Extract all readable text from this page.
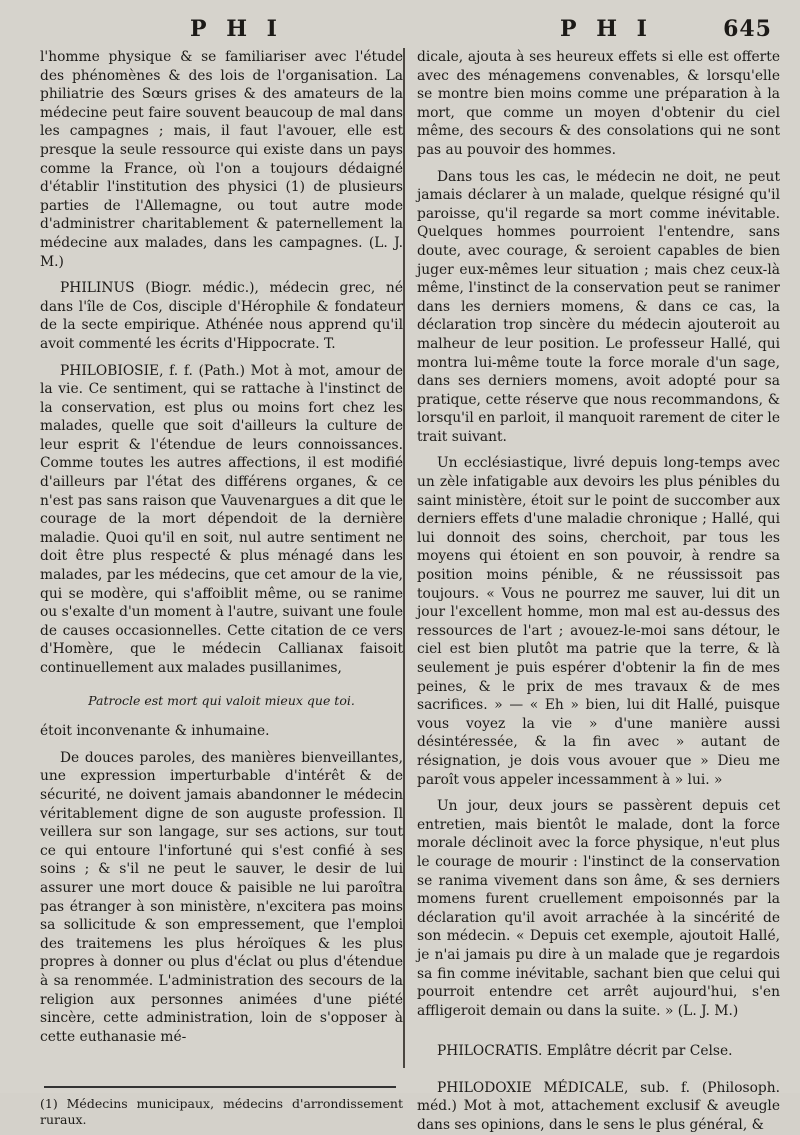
P H I	P H I	645

l'homme physique & se familiariser avec l'étude des phénomènes & des lois de l'organisation. La philiatrie des Sœurs grises & des amateurs de la médecine peut faire souvent beaucoup de mal dans les campagnes ; mais, il faut l'avouer, elle est presque la seule ressource qui existe dans un pays comme la France, où l'on a toujours dédaigné d'établir l'institution des physici (1) de plusieurs parties de l'Allemagne, ou tout autre mode d'administrer charitablement & paternellement la médecine aux malades, dans les campagnes. (L. J. M.)

PHILINUS (Biogr. médic.), médecin grec, né dans l'île de Cos, disciple d'Hérophile & fondateur de la secte empirique. Athénée nous apprend qu'il avoit commenté les écrits d'Hippocrate. T.

PHILOBIOSIE, f. f. (Path.) Mot à mot, amour de la vie. Ce sentiment, qui se rattache à l'instinct de la conservation, est plus ou moins fort chez les malades, quelle que soit d'ailleurs la culture de leur esprit & l'étendue de leurs connoissances. Comme toutes les autres affections, il est modifié d'ailleurs par l'état des différens organes, & ce n'est pas sans raison que Vauvenargues a dit que le courage de la mort dépendoit de la dernière maladie. Quoi qu'il en soit, nul autre sentiment ne doit être plus respecté & plus ménagé dans les malades, par les médecins, que cet amour de la vie, qui se modère, qui s'affoiblit même, ou se ranime ou s'exalte d'un moment à l'autre, suivant une foule de causes occasionnelles. Cette citation de ce vers d'Homère, que le médecin Callianax faisoit continuellement aux malades pusillanimes,

Patrocle est mort qui valoit mieux que toi.

étoit inconvenante & inhumaine.

De douces paroles, des manières bienveillantes, une expression imperturbable d'intérêt & de sécurité, ne doivent jamais abandonner le médecin véritablement digne de son auguste profession. Il veillera sur son langage, sur ses actions, sur tout ce qui entoure l'infortuné qui s'est confié à ses soins ; & s'il ne peut le sauver, le desir de lui assurer une mort douce & paisible ne lui paroîtra pas étranger à son ministère, n'excitera pas moins sa sollicitude & son empressement, que l'emploi des traitemens les plus héroïques & les plus propres à donner ou plus d'éclat ou plus d'étendue à sa renommée. L'administration des secours de la religion aux personnes animées d'une piété sincère, cette administration, loin de s'opposer à cette euthanasie mé-

(1) Médecins municipaux, médecins d'arrondissement ruraux.

dicale, ajouta à ses heureux effets si elle est offerte avec des ménagemens convenables, & lorsqu'elle se montre bien moins comme une préparation à la mort, que comme un moyen d'obtenir du ciel même, des secours & des consolations qui ne sont pas au pouvoir des hommes.

Dans tous les cas, le médecin ne doit, ne peut jamais déclarer à un malade, quelque résigné qu'il paroisse, qu'il regarde sa mort comme inévitable. Quelques hommes pourroient l'entendre, sans doute, avec courage, & seroient capables de bien juger eux-mêmes leur situation ; mais chez ceux-là même, l'instinct de la conservation peut se ranimer dans les derniers momens, & dans ce cas, la déclaration trop sincère du médecin ajouteroit au malheur de leur position. Le professeur Hallé, qui montra lui-même toute la force morale d'un sage, dans ses derniers momens, avoit adopté pour sa pratique, cette réserve que nous recommandons, & lorsqu'il en parloit, il manquoit rarement de citer le trait suivant.

Un ecclésiastique, livré depuis long-temps avec un zèle infatigable aux devoirs les plus pénibles du saint ministère, étoit sur le point de succomber aux derniers effets d'une maladie chronique ; Hallé, qui lui donnoit des soins, cherchoit, par tous les moyens qui étoient en son pouvoir, à rendre sa position moins pénible, & ne réussissoit pas toujours. « Vous ne pourrez me sauver, lui dit un jour l'excellent homme, mon mal est au-dessus des ressources de l'art ; avouez-le-moi sans détour, le ciel est bien plutôt ma patrie que la terre, & là seulement je puis espérer d'obtenir la fin de mes peines, & le prix de mes travaux & de mes sacrifices. » — « Eh » bien, lui dit Hallé, puisque vous voyez la vie » d'une manière aussi désintéressée, & la fin avec » autant de résignation, je dois vous avouer que » Dieu me paroît vous appeler incessamment à » lui. »

Un jour, deux jours se passèrent depuis cet entretien, mais bientôt le malade, dont la force morale déclinoit avec la force physique, n'eut plus le courage de mourir : l'instinct de la conservation se ranima vivement dans son âme, & ses derniers momens furent cruellement empoisonnés par la déclaration qu'il avoit arrachée à la sincérité de son médecin. « Depuis cet exemple, ajoutoit Hallé, je n'ai jamais pu dire à un malade que je regardois sa fin comme inévitable, sachant bien que celui qui pourroit entendre cet arrêt aujourd'hui, s'en affligeroit demain ou dans la suite. » (L. J. M.)

PHILOCRATIS. Emplâtre décrit par Celse.

PHILODOXIE MÉDICALE, sub. f. (Philosoph. méd.) Mot à mot, attachement exclusif & aveugle dans ses opinions, dans le sens le plus général, &
